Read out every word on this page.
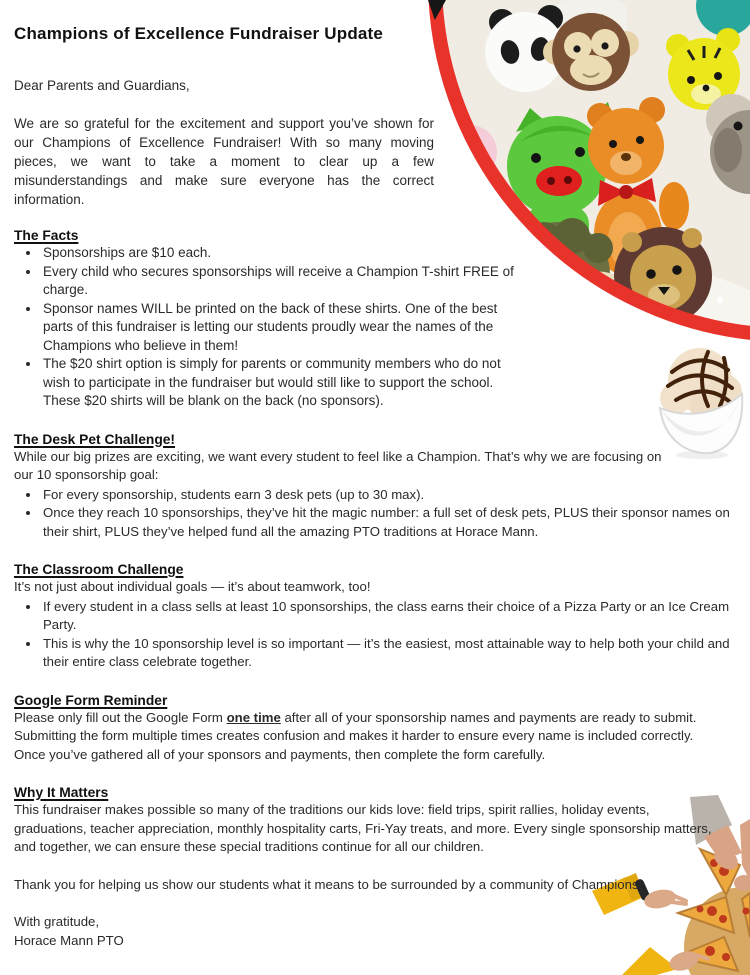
Champions of Excellence Fundraiser Update

Dear Parents and Guardians,

We are so grateful for the excitement and support you’ve shown for our Champions of Excellence Fundraiser! With so many moving pieces, we want to take a moment to clear up a few misunderstandings and make sure everyone has the correct information.

The Facts
• Sponsorships are $10 each.
• Every child who secures sponsorships will receive a Champion T-shirt FREE of charge.
• Sponsor names WILL be printed on the back of these shirts. One of the best parts of this fundraiser is letting our students proudly wear the names of the Champions who believe in them!
• The $20 shirt option is simply for parents or community members who do not wish to participate in the fundraiser but would still like to support the school. These $20 shirts will be blank on the back (no sponsors).
The Desk Pet Challenge!

While our big prizes are exciting, we want every student to feel like a Champion. That’s why we are focusing on our 10 sponsorship goal:

• For every sponsorship, students earn 3 desk pets (up to 30 max).
• Once they reach 10 sponsorships, they’ve hit the magic number: a full set of desk pets, PLUS their sponsor names on their shirt, PLUS they’ve helped fund all the amazing PTO traditions at Horace Mann.
The Classroom Challenge

It’s not just about individual goals — it’s about teamwork, too!

• If every student in a class sells at least 10 sponsorships, the class earns their choice of a Pizza Party or an Ice Cream Party.
• This is why the 10 sponsorship level is so important — it’s the easiest, most attainable way to help both your child and their entire class celebrate together.
Google Form Reminder

Please only fill out the Google Form one time after all of your sponsorship names and payments are ready to submit. Submitting the form multiple times creates confusion and makes it harder to ensure every name is included correctly. Once you’ve gathered all of your sponsors and payments, then complete the form carefully.

Why It Matters

This fundraiser makes possible so many of the traditions our kids love: field trips, spirit rallies, holiday events, graduations, teacher appreciation, monthly hospitality carts, Fri-Yay treats, and more. Every single sponsorship matters, and together, we can ensure these special traditions continue for all our children.

Thank you for helping us show our students what it means to be surrounded by a community of Champions!

With gratitude,

Horace Mann PTO
